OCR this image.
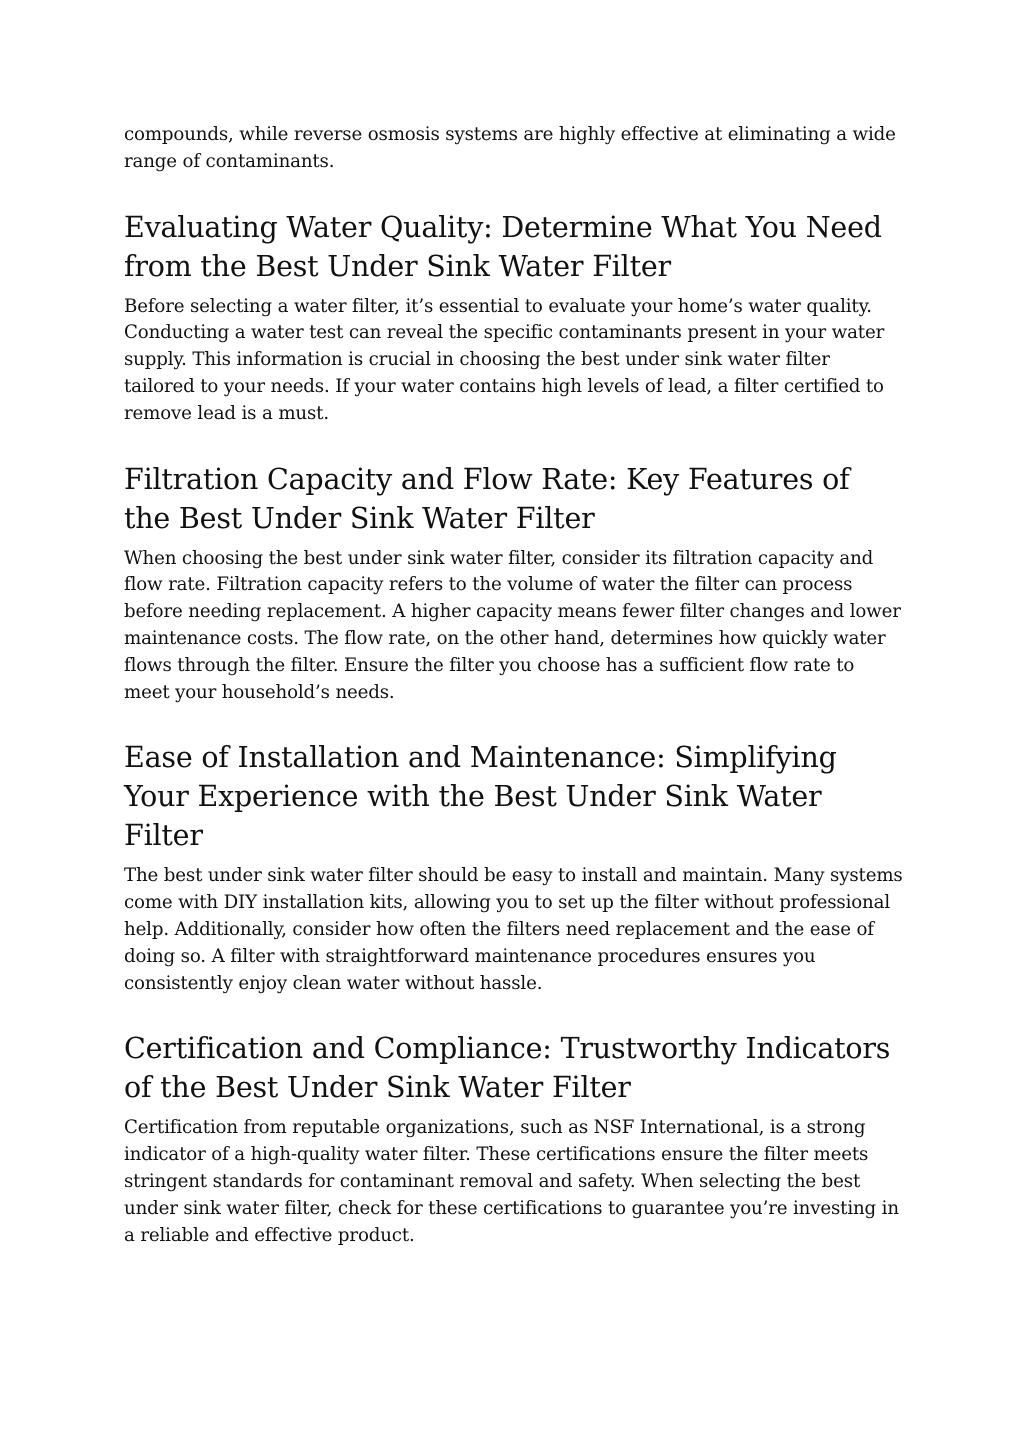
compounds, while reverse osmosis systems are highly effective at eliminating a wide range of contaminants.

Evaluating Water Quality: Determine What You Need from the Best Under Sink Water Filter

Before selecting a water filter, it’s essential to evaluate your home’s water quality. Conducting a water test can reveal the specific contaminants present in your water supply. This information is crucial in choosing the best under sink water filter tailored to your needs. If your water contains high levels of lead, a filter certified to remove lead is a must.

Filtration Capacity and Flow Rate: Key Features of the Best Under Sink Water Filter

When choosing the best under sink water filter, consider its filtration capacity and flow rate. Filtration capacity refers to the volume of water the filter can process before needing replacement. A higher capacity means fewer filter changes and lower maintenance costs. The flow rate, on the other hand, determines how quickly water flows through the filter. Ensure the filter you choose has a sufficient flow rate to meet your household’s needs.

Ease of Installation and Maintenance: Simplifying Your Experience with the Best Under Sink Water Filter

The best under sink water filter should be easy to install and maintain. Many systems come with DIY installation kits, allowing you to set up the filter without professional help. Additionally, consider how often the filters need replacement and the ease of doing so. A filter with straightforward maintenance procedures ensures you consistently enjoy clean water without hassle.

Certification and Compliance: Trustworthy Indicators of the Best Under Sink Water Filter

Certification from reputable organizations, such as NSF International, is a strong indicator of a high-quality water filter. These certifications ensure the filter meets stringent standards for contaminant removal and safety. When selecting the best under sink water filter, check for these certifications to guarantee you’re investing in a reliable and effective product.
